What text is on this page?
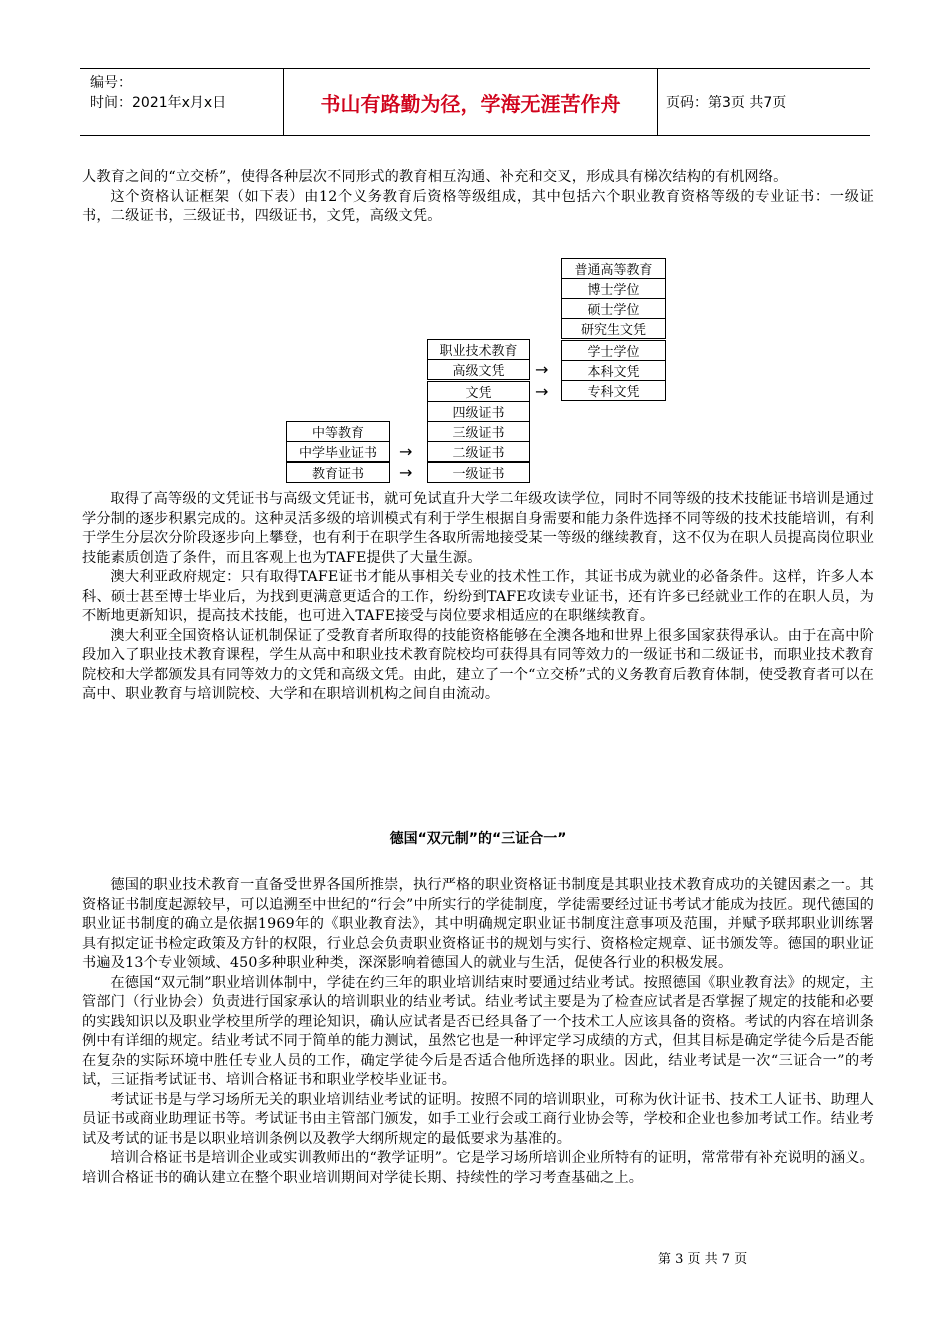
编号：
时间：2021年x月x日	书山有路勤为径，学海无涯苦作舟	页码：第3页 共7页

人教育之间的“立交桥”，使得各种层次不同形式的教育相互沟通、补充和交叉，形成具有梯次结构的有机网络。

这个资格认证框架（如下表）由12个义务教育后资格等级组成，其中包括六个职业教育资格等级的专业证书：一级证书，二级证书，三级证书，四级证书，文凭，高级文凭。

普通高等教育
博士学位
硕士学位
研究生文凭
学士学位
本科文凭
专科文凭
职业技术教育
高级文凭
文凭
四级证书
三级证书
二级证书
一级证书
中等教育
中学毕业证书
教育证书
→
→
→
→

取得了高等级的文凭证书与高级文凭证书，就可免试直升大学二年级攻读学位，同时不同等级的技术技能证书培训是通过学分制的逐步积累完成的。这种灵活多级的培训模式有利于学生根据自身需要和能力条件选择不同等级的技术技能培训，有利于学生分层次分阶段逐步向上攀登，也有利于在职学生各取所需地接受某一等级的继续教育，这不仅为在职人员提高岗位职业技能素质创造了条件，而且客观上也为TAFE提供了大量生源。

澳大利亚政府规定：只有取得TAFE证书才能从事相关专业的技术性工作，其证书成为就业的必备条件。这样，许多人本科、硕士甚至博士毕业后，为找到更满意更适合的工作，纷纷到TAFE攻读专业证书，还有许多已经就业工作的在职人员，为不断地更新知识，提高技术技能，也可进入TAFE接受与岗位要求相适应的在职继续教育。

澳大利亚全国资格认证机制保证了受教育者所取得的技能资格能够在全澳各地和世界上很多国家获得承认。由于在高中阶段加入了职业技术教育课程，学生从高中和职业技术教育院校均可获得具有同等效力的一级证书和二级证书，而职业技术教育院校和大学都颁发具有同等效力的文凭和高级文凭。由此，建立了一个“立交桥”式的义务教育后教育体制，使受教育者可以在高中、职业教育与培训院校、大学和在职培训机构之间自由流动。

德国“双元制”的“三证合一”

德国的职业技术教育一直备受世界各国所推崇，执行严格的职业资格证书制度是其职业技术教育成功的关键因素之一。其资格证书制度起源较早，可以追溯至中世纪的“行会”中所实行的学徒制度，学徒需要经过证书考试才能成为技匠。现代德国的职业证书制度的确立是依据1969年的《职业教育法》，其中明确规定职业证书制度注意事项及范围，并赋予联邦职业训练署具有拟定证书检定政策及方针的权限，行业总会负责职业资格证书的规划与实行、资格检定规章、证书颁发等。德国的职业证书遍及13个专业领域、450多种职业种类，深深影响着德国人的就业与生活，促使各行业的积极发展。

在德国“双元制”职业培训体制中，学徒在约三年的职业培训结束时要通过结业考试。按照德国《职业教育法》的规定，主管部门（行业协会）负责进行国家承认的培训职业的结业考试。结业考试主要是为了检查应试者是否掌握了规定的技能和必要的实践知识以及职业学校里所学的理论知识，确认应试者是否已经具备了一个技术工人应该具备的资格。考试的内容在培训条例中有详细的规定。结业考试不同于简单的能力测试，虽然它也是一种评定学习成绩的方式，但其目标是确定学徒今后是否能在复杂的实际环境中胜任专业人员的工作，确定学徒今后是否适合他所选择的职业。因此，结业考试是一次“三证合一”的考试，三证指考试证书、培训合格证书和职业学校毕业证书。

考试证书是与学习场所无关的职业培训结业考试的证明。按照不同的培训职业，可称为伙计证书、技术工人证书、助理人员证书或商业助理证书等。考试证书由主管部门颁发，如手工业行会或工商行业协会等，学校和企业也参加考试工作。结业考试及考试的证书是以职业培训条例以及教学大纲所规定的最低要求为基准的。

培训合格证书是培训企业或实训教师出的“教学证明”。它是学习场所培训企业所特有的证明，常常带有补充说明的涵义。培训合格证书的确认建立在整个职业培训期间对学徒长期、持续性的学习考查基础之上。

第 3 页 共 7 页
